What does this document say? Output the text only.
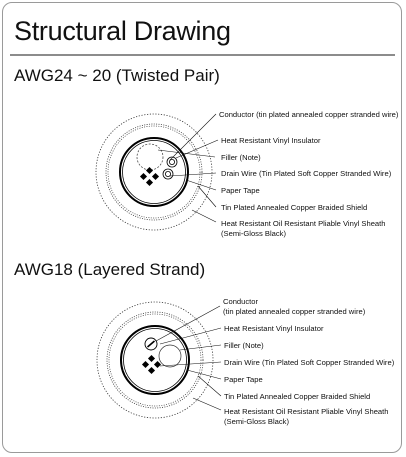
Structural Drawing
AWG24 ~ 20 (Twisted Pair)
AWG18 (Layered Strand)
Conductor (tin plated annealed copper stranded wire)
Heat Resistant Vinyl Insulator
Filler (Note)
Drain Wire (Tin Plated Soft Copper Stranded Wire)
Paper Tape
Tin Plated Annealed Copper Braided Shield
Heat Resistant Oil Resistant Pliable Vinyl Sheath
(Semi-Gloss Black)
Conductor
(tin plated annealed copper stranded wire)
Heat Resistant Vinyl Insulator
Filler (Note)
Drain Wire (Tin Plated Soft Copper Stranded Wire)
Paper Tape
Tin Plated Annealed Copper Braided Shield
Heat Resistant Oil Resistant Pliable Vinyl Sheath
(Semi-Gloss Black)
